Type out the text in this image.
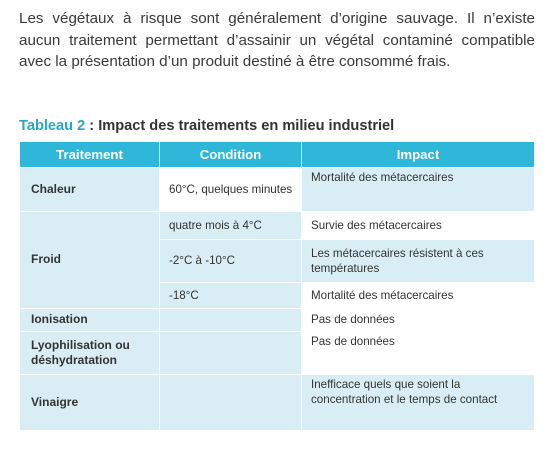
Les végétaux à risque sont généralement d’origine sauvage. Il n’existe aucun traitement permettant d’assainir un végétal contaminé compatible avec la présentation d’un produit destiné à être consommé frais.

Tableau 2 : Impact des traitements en milieu industriel

Traitement	Condition	Impact
Chaleur	60°C, quelques minutes	Mortalité des métacercaires
Froid	quatre mois à 4°C	Survie des métacercaires
	-2°C à -10°C	Les métacercaires résistent à ces températures
	-18°C	Mortalité des métacercaires
Ionisation		Pas de données
Lyophilisation ou déshydratation		Pas de données
Vinaigre		Inefficace quels que soient la concentration et le temps de contact
